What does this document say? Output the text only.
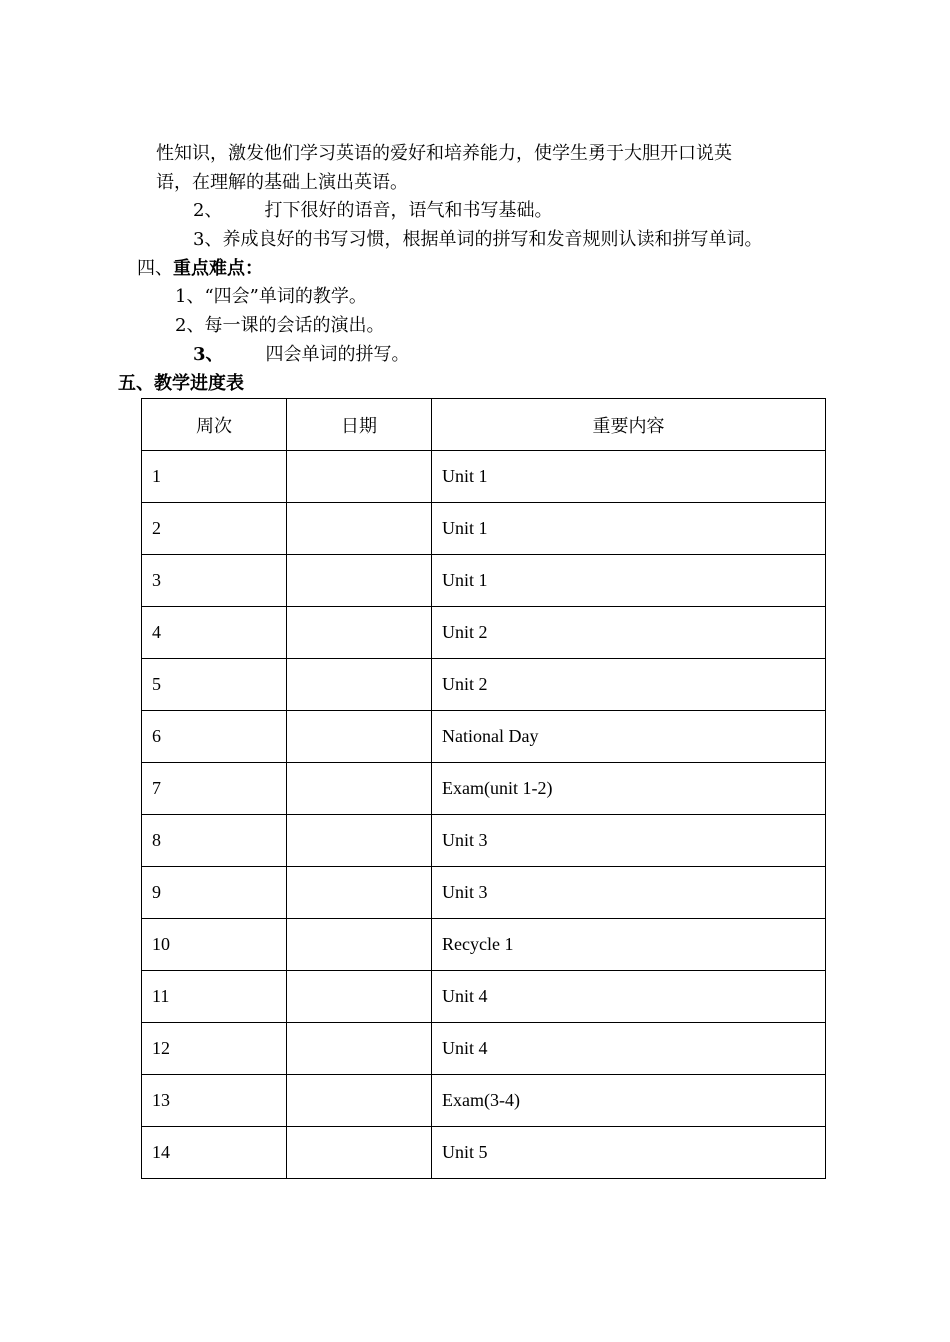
性知识，激发他们学习英语的爱好和培养能力，使学生勇于大胆开口说英
语，在理解的基础上演出英语。
2、 打下很好的语音，语气和书写基础。
3、养成良好的书写习惯，根据单词的拼写和发音规则认读和拼写单词。
四、重点难点：
1、“四会”单词的教学。
2、每一课的会话的演出。
3、 四会单词的拼写。
五、教学进度表
周次	日期	重要内容
1		Unit 1
2		Unit 1
3		Unit 1
4		Unit 2
5		Unit 2
6		National Day
7		Exam(unit 1-2)
8		Unit 3
9		Unit 3
10		Recycle 1
11		Unit 4
12		Unit 4
13		Exam(3-4)
14		Unit 5
